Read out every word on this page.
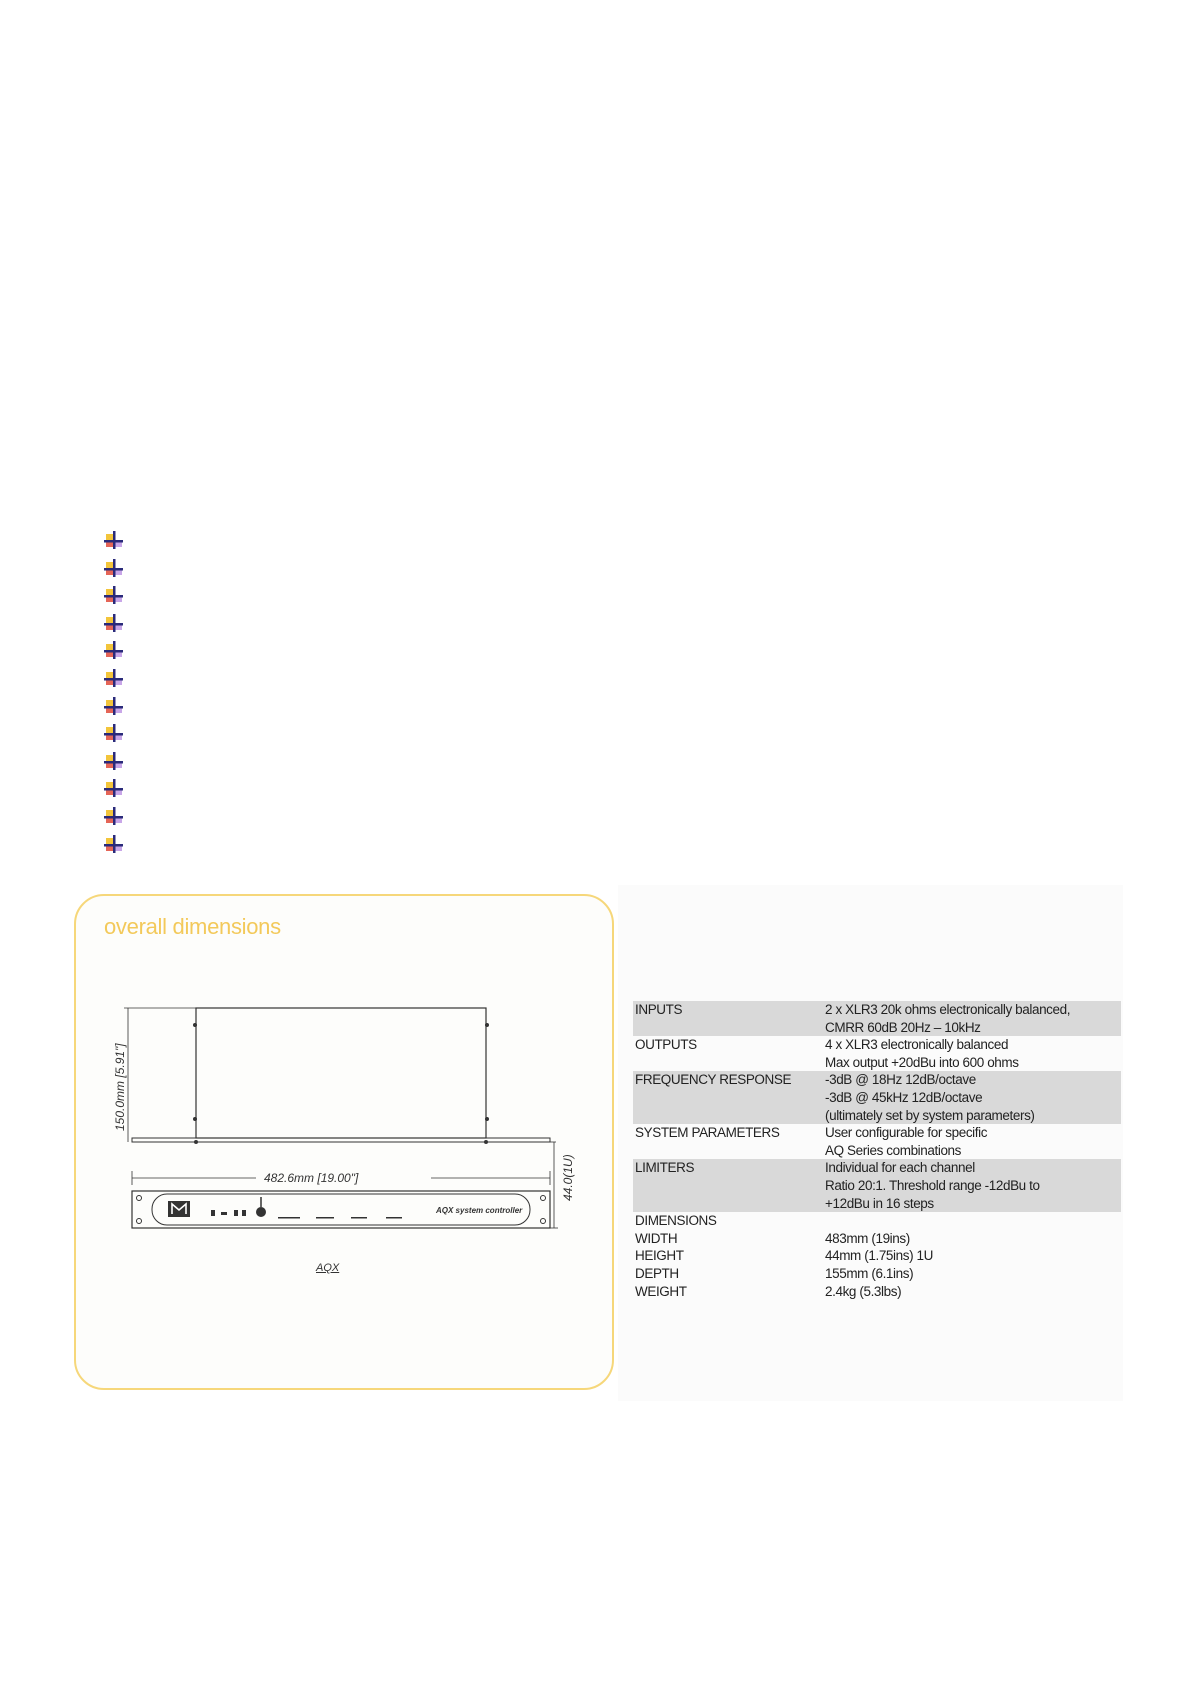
overall dimensions
150.0mm [5.91"]
482.6mm [19.00"]
AQX system controller
44.0(1U)
AQX
INPUTS	2 x XLR3 20k ohms electronically balanced,
CMRR 60dB 20Hz – 10kHz
OUTPUTS	4 x XLR3 electronically balanced
Max output +20dBu into 600 ohms
FREQUENCY RESPONSE	-3dB @ 18Hz 12dB/octave
-3dB @ 45kHz 12dB/octave
(ultimately set by system parameters)
SYSTEM PARAMETERS	User configurable for specific
AQ Series combinations
LIMITERS	Individual for each channel
Ratio 20:1. Threshold range -12dBu to
+12dBu in 16 steps
DIMENSIONS

WIDTH	483mm (19ins)
HEIGHT	44mm (1.75ins) 1U
DEPTH	155mm (6.1ins)
WEIGHT	2.4kg (5.3lbs)
